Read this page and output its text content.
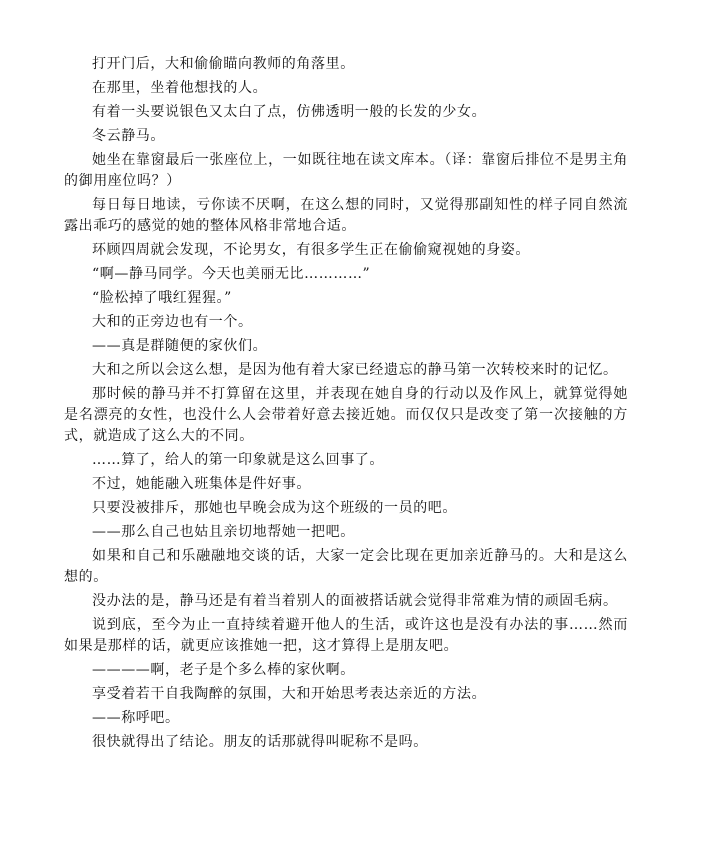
打开门后，大和偷偷瞄向教师的角落里。

在那里，坐着他想找的人。

有着一头要说银色又太白了点，仿佛透明一般的长发的少女。

冬云静马。

她坐在靠窗最后一张座位上，一如既往地在读文库本。（译：靠窗后排位不是男主角的御用座位吗？）

每日每日地读，亏你读不厌啊，在这么想的同时，又觉得那副知性的样子同自然流露出乖巧的感觉的她的整体风格非常地合适。

环顾四周就会发现，不论男女，有很多学生正在偷偷窥视她的身姿。

“啊—静马同学。今天也美丽无比…………”

“脸松掉了哦红猩猩。”

大和的正旁边也有一个。

——真是群随便的家伙们。

大和之所以会这么想，是因为他有着大家已经遗忘的静马第一次转校来时的记忆。

那时候的静马并不打算留在这里，并表现在她自身的行动以及作风上，就算觉得她是名漂亮的女性，也没什么人会带着好意去接近她。而仅仅只是改变了第一次接触的方式，就造成了这么大的不同。

……算了，给人的第一印象就是这么回事了。

不过，她能融入班集体是件好事。

只要没被排斥，那她也早晚会成为这个班级的一员的吧。

——那么自己也姑且亲切地帮她一把吧。

如果和自己和乐融融地交谈的话，大家一定会比现在更加亲近静马的。大和是这么想的。

没办法的是，静马还是有着当着别人的面被搭话就会觉得非常难为情的顽固毛病。

说到底，至今为止一直持续着避开他人的生活，或许这也是没有办法的事……然而如果是那样的话，就更应该推她一把，这才算得上是朋友吧。

————啊，老子是个多么棒的家伙啊。

享受着若干自我陶醉的氛围，大和开始思考表达亲近的方法。

——称呼吧。

很快就得出了结论。朋友的话那就得叫昵称不是吗。
